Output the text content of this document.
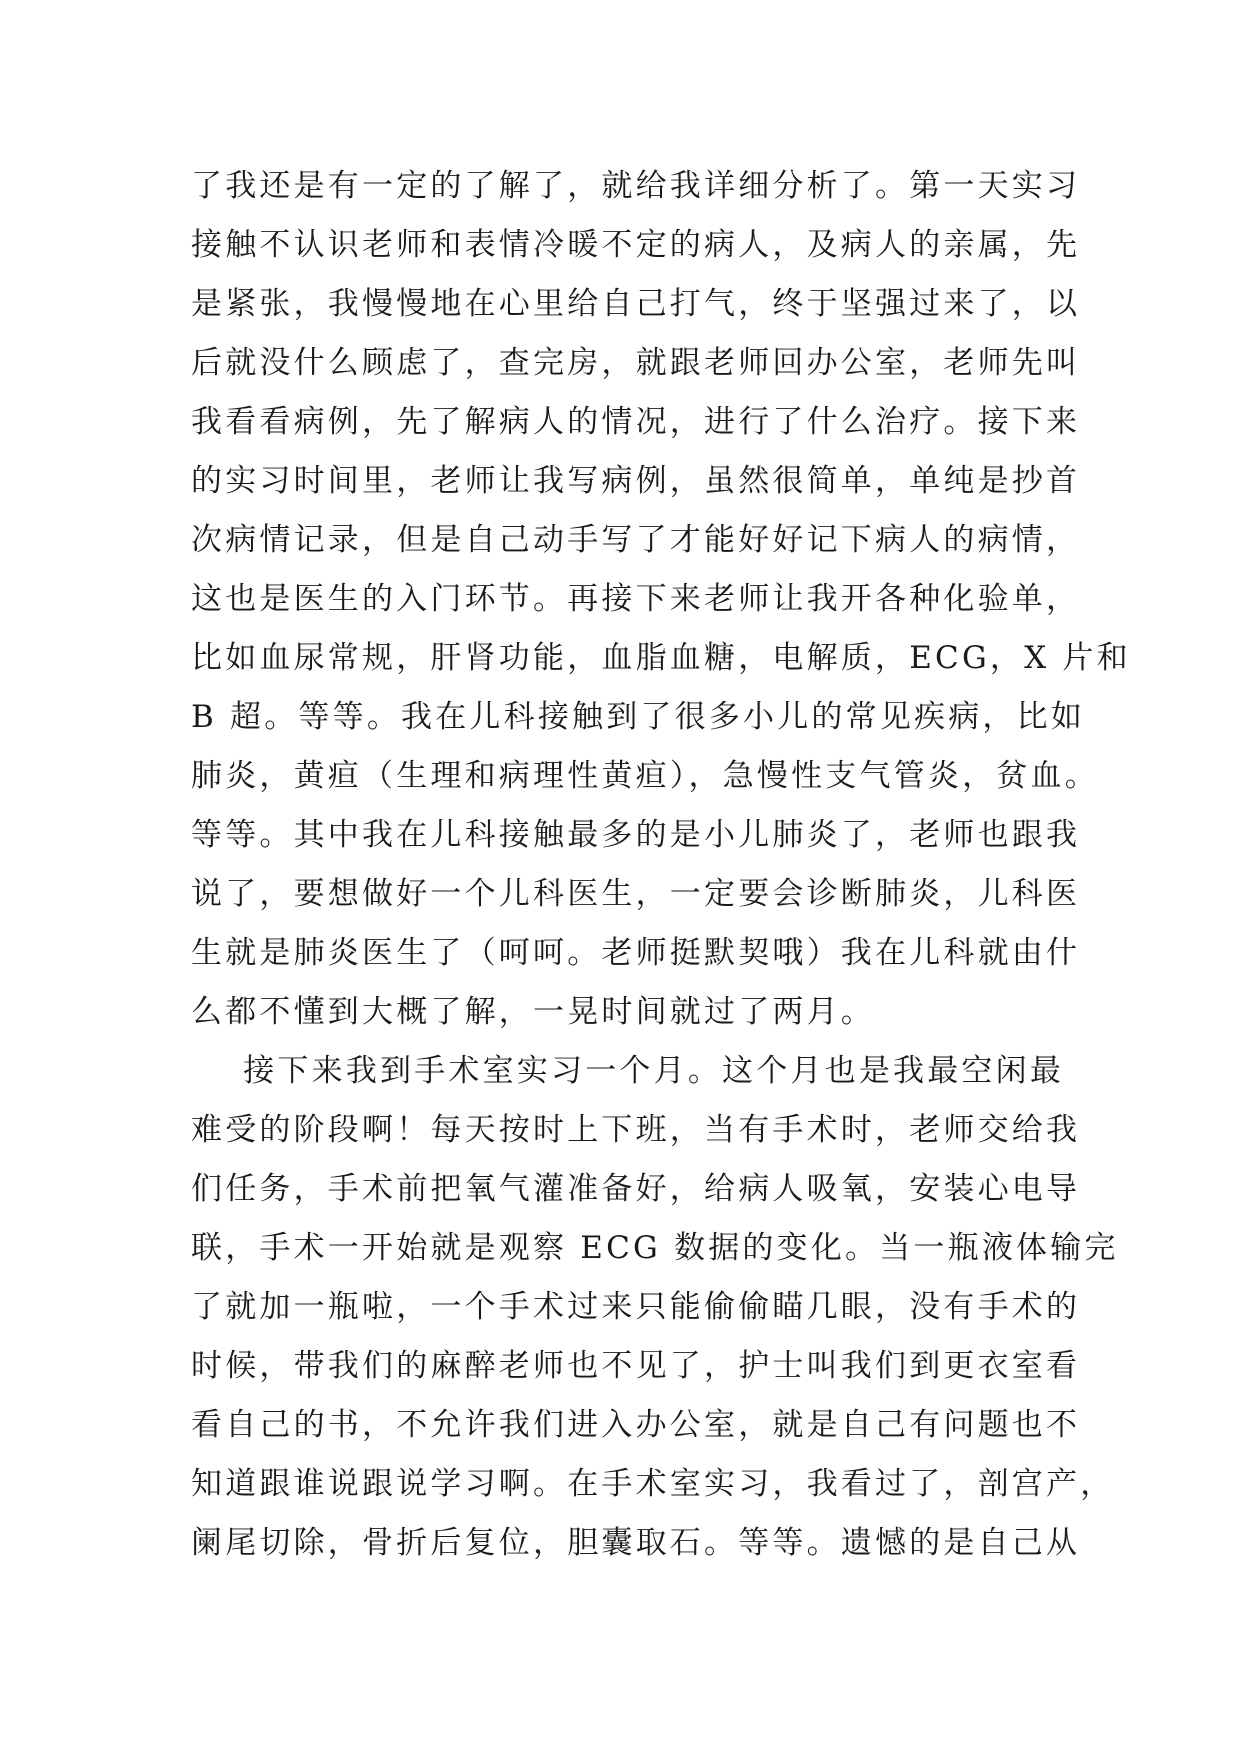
了我还是有一定的了解了，就给我详细分析了。第一天实习
接触不认识老师和表情冷暖不定的病人，及病人的亲属，先
是紧张，我慢慢地在心里给自己打气，终于坚强过来了，以
后就没什么顾虑了，查完房，就跟老师回办公室，老师先叫
我看看病例，先了解病人的情况，进行了什么治疗。接下来
的实习时间里，老师让我写病例，虽然很简单，单纯是抄首
次病情记录，但是自己动手写了才能好好记下病人的病情，
这也是医生的入门环节。再接下来老师让我开各种化验单，
比如血尿常规，肝肾功能，血脂血糖，电解质，ECG，X 片和
B 超。等等。我在儿科接触到了很多小儿的常见疾病，比如
肺炎，黄疸（生理和病理性黄疸），急慢性支气管炎，贫血。
等等。其中我在儿科接触最多的是小儿肺炎了，老师也跟我
说了，要想做好一个儿科医生，一定要会诊断肺炎，儿科医
生就是肺炎医生了（呵呵。老师挺默契哦）我在儿科就由什
么都不懂到大概了解，一晃时间就过了两月。
接下来我到手术室实习一个月。这个月也是我最空闲最
难受的阶段啊！每天按时上下班，当有手术时，老师交给我
们任务，手术前把氧气灌准备好，给病人吸氧，安装心电导
联，手术一开始就是观察 ECG 数据的变化。当一瓶液体输完
了就加一瓶啦，一个手术过来只能偷偷瞄几眼，没有手术的
时候，带我们的麻醉老师也不见了，护士叫我们到更衣室看
看自己的书，不允许我们进入办公室，就是自己有问题也不
知道跟谁说跟说学习啊。在手术室实习，我看过了，剖宫产，
阑尾切除，骨折后复位，胆囊取石。等等。遗憾的是自己从
